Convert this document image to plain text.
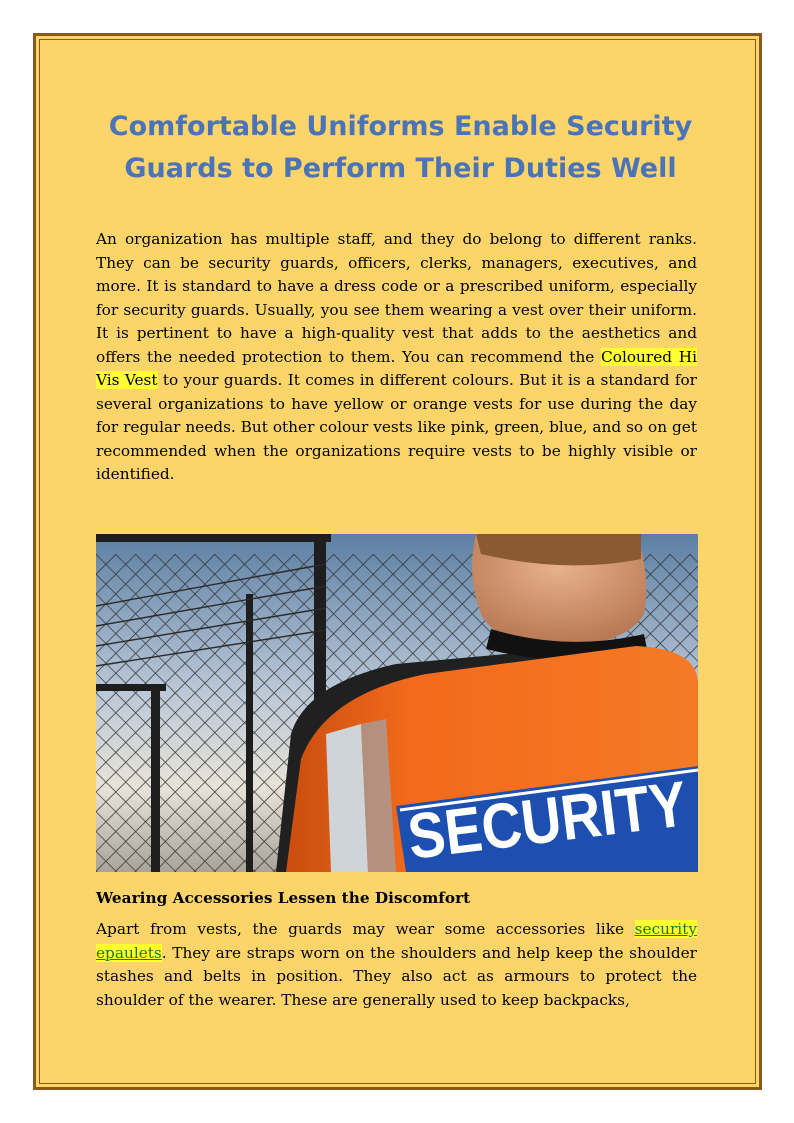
Comfortable Uniforms Enable Security Guards to Perform Their Duties Well

An organization has multiple staff, and they do belong to different ranks. They can be security guards, officers, clerks, managers, executives, and more. It is standard to have a dress code or a prescribed uniform, especially for security guards. Usually, you see them wearing a vest over their uniform. It is pertinent to have a high-quality vest that adds to the aesthetics and offers the needed protection to them. You can recommend the Coloured Hi Vis Vest to your guards. It comes in different colours. But it is a standard for several organizations to have yellow or orange vests for use during the day for regular needs. But other colour vests like pink, green, blue, and so on get recommended when the organizations require vests to be highly visible or identified.

SECURITY
Wearing Accessories Lessen the Discomfort

Apart from vests, the guards may wear some accessories like security epaulets. They are straps worn on the shoulders and help keep the shoulder stashes and belts in position. They also act as armours to protect the shoulder of the wearer. These are generally used to keep backpacks,
